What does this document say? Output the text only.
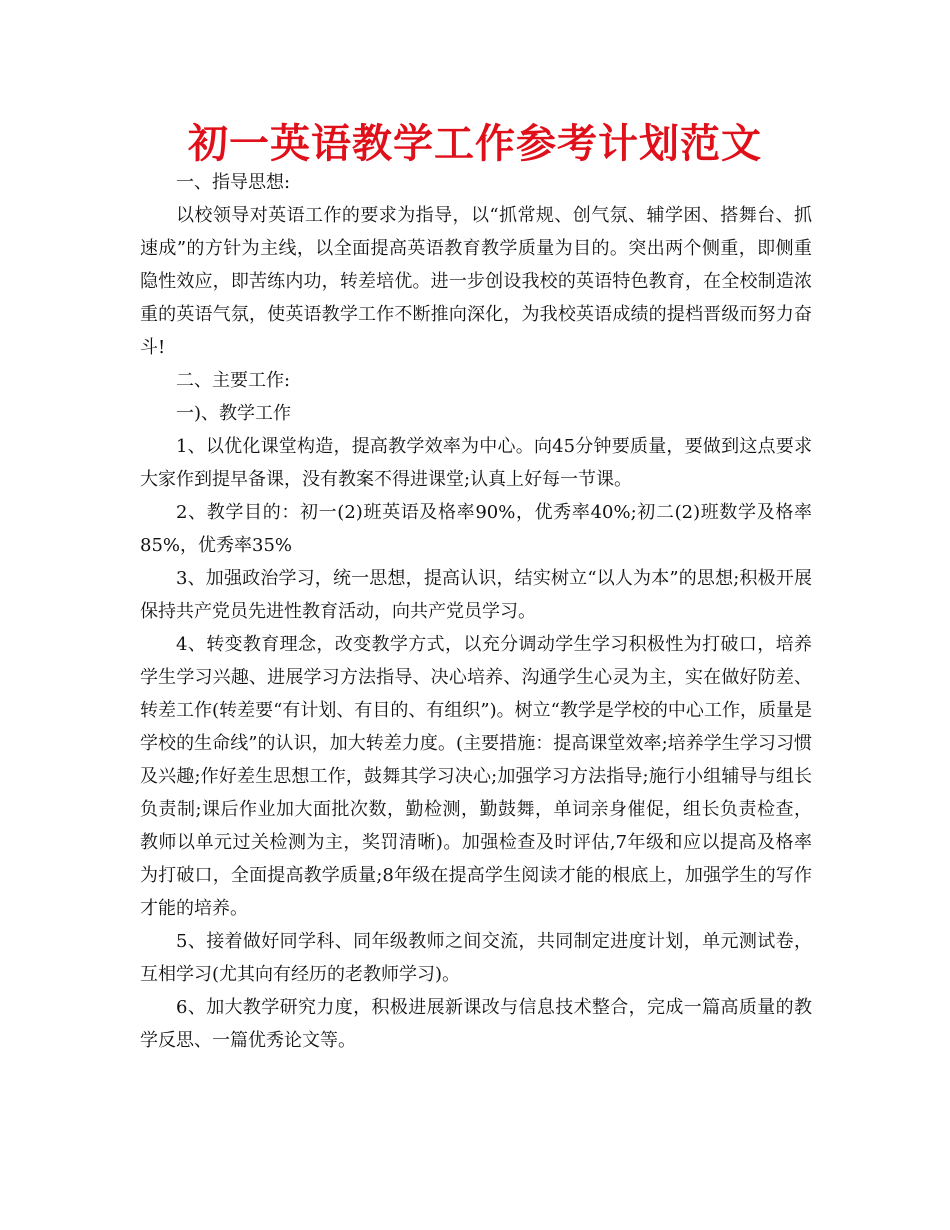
初一英语教学工作参考计划范文

一、指导思想:

以校领导对英语工作的要求为指导，以“抓常规、创气氛、辅学困、搭舞台、抓速成”的方针为主线，以全面提高英语教育教学质量为目的。突出两个侧重，即侧重隐性效应，即苦练内功，转差培优。进一步创设我校的英语特色教育，在全校制造浓重的英语气氛，使英语教学工作不断推向深化，为我校英语成绩的提档晋级而努力奋斗!

二、主要工作:

一)、教学工作

1、以优化课堂构造，提高教学效率为中心。向45分钟要质量，要做到这点要求大家作到提早备课，没有教案不得进课堂;认真上好每一节课。

2、教学目的：初一(2)班英语及格率90%，优秀率40%;初二(2)班数学及格率85%，优秀率35%

3、加强政治学习，统一思想，提高认识，结实树立“以人为本”的思想;积极开展保持共产党员先进性教育活动，向共产党员学习。

4、转变教育理念，改变教学方式，以充分调动学生学习积极性为打破口，培养学生学习兴趣、进展学习方法指导、决心培养、沟通学生心灵为主，实在做好防差、转差工作(转差要“有计划、有目的、有组织”)。树立“教学是学校的中心工作，质量是学校的生命线”的认识，加大转差力度。(主要措施：提高课堂效率;培养学生学习习惯及兴趣;作好差生思想工作，鼓舞其学习决心;加强学习方法指导;施行小组辅导与组长负责制;课后作业加大面批次数，勤检测，勤鼓舞，单词亲身催促，组长负责检查，教师以单元过关检测为主，奖罚清晰)。加强检查及时评估,7年级和应以提高及格率为打破口，全面提高教学质量;8年级在提高学生阅读才能的根底上，加强学生的写作才能的培养。

5、接着做好同学科、同年级教师之间交流，共同制定进度计划，单元测试卷，互相学习(尤其向有经历的老教师学习)。

6、加大教学研究力度，积极进展新课改与信息技术整合，完成一篇高质量的教学反思、一篇优秀论文等。
